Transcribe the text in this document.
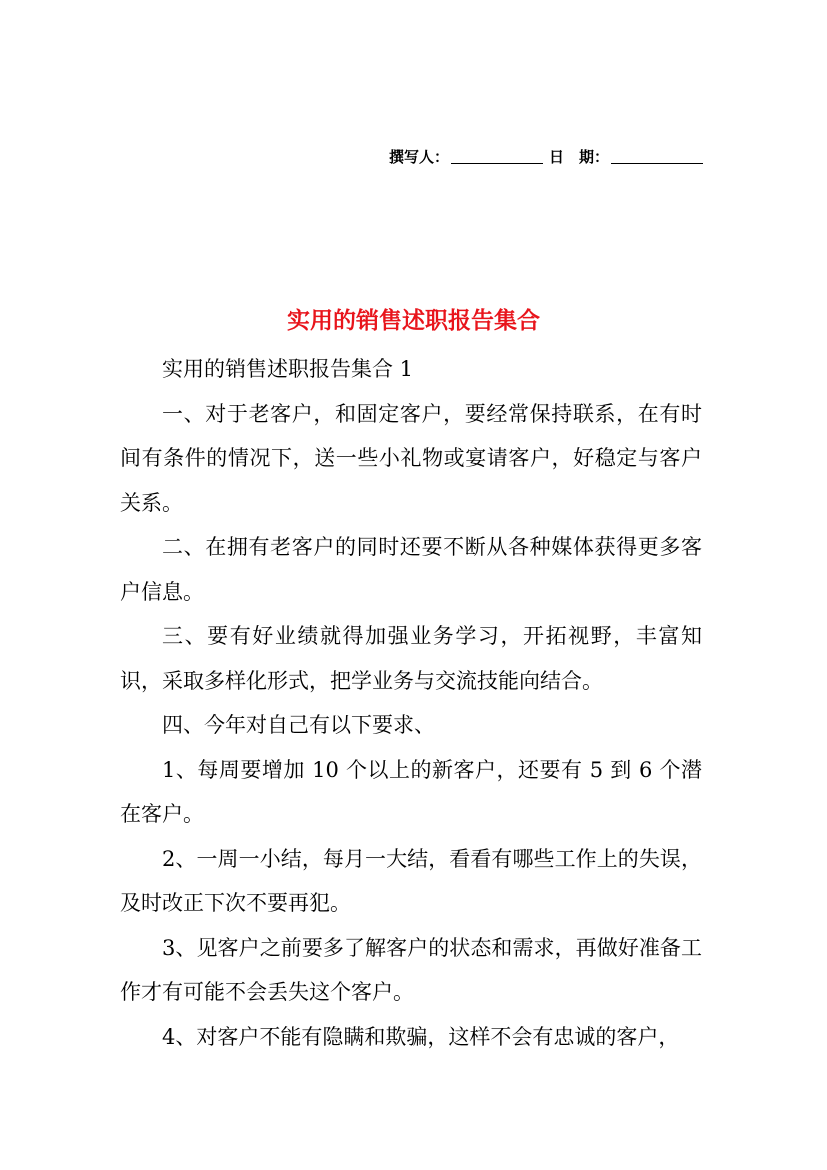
撰写人：	日 期：
实用的销售述职报告集合

实用的销售述职报告集合 1

一、对于老客户，和固定客户，要经常保持联系，在有时间有条件的情况下，送一些小礼物或宴请客户，好稳定与客户关系。

二、在拥有老客户的同时还要不断从各种媒体获得更多客户信息。

三、要有好业绩就得加强业务学习，开拓视野，丰富知识，采取多样化形式，把学业务与交流技能向结合。

四、今年对自己有以下要求、

1、每周要增加 10 个以上的新客户，还要有 5 到 6 个潜在客户。

2、一周一小结，每月一大结，看看有哪些工作上的失误，及时改正下次不要再犯。

3、见客户之前要多了解客户的状态和需求，再做好准备工作才有可能不会丢失这个客户。

4、对客户不能有隐瞒和欺骗，这样不会有忠诚的客户，
